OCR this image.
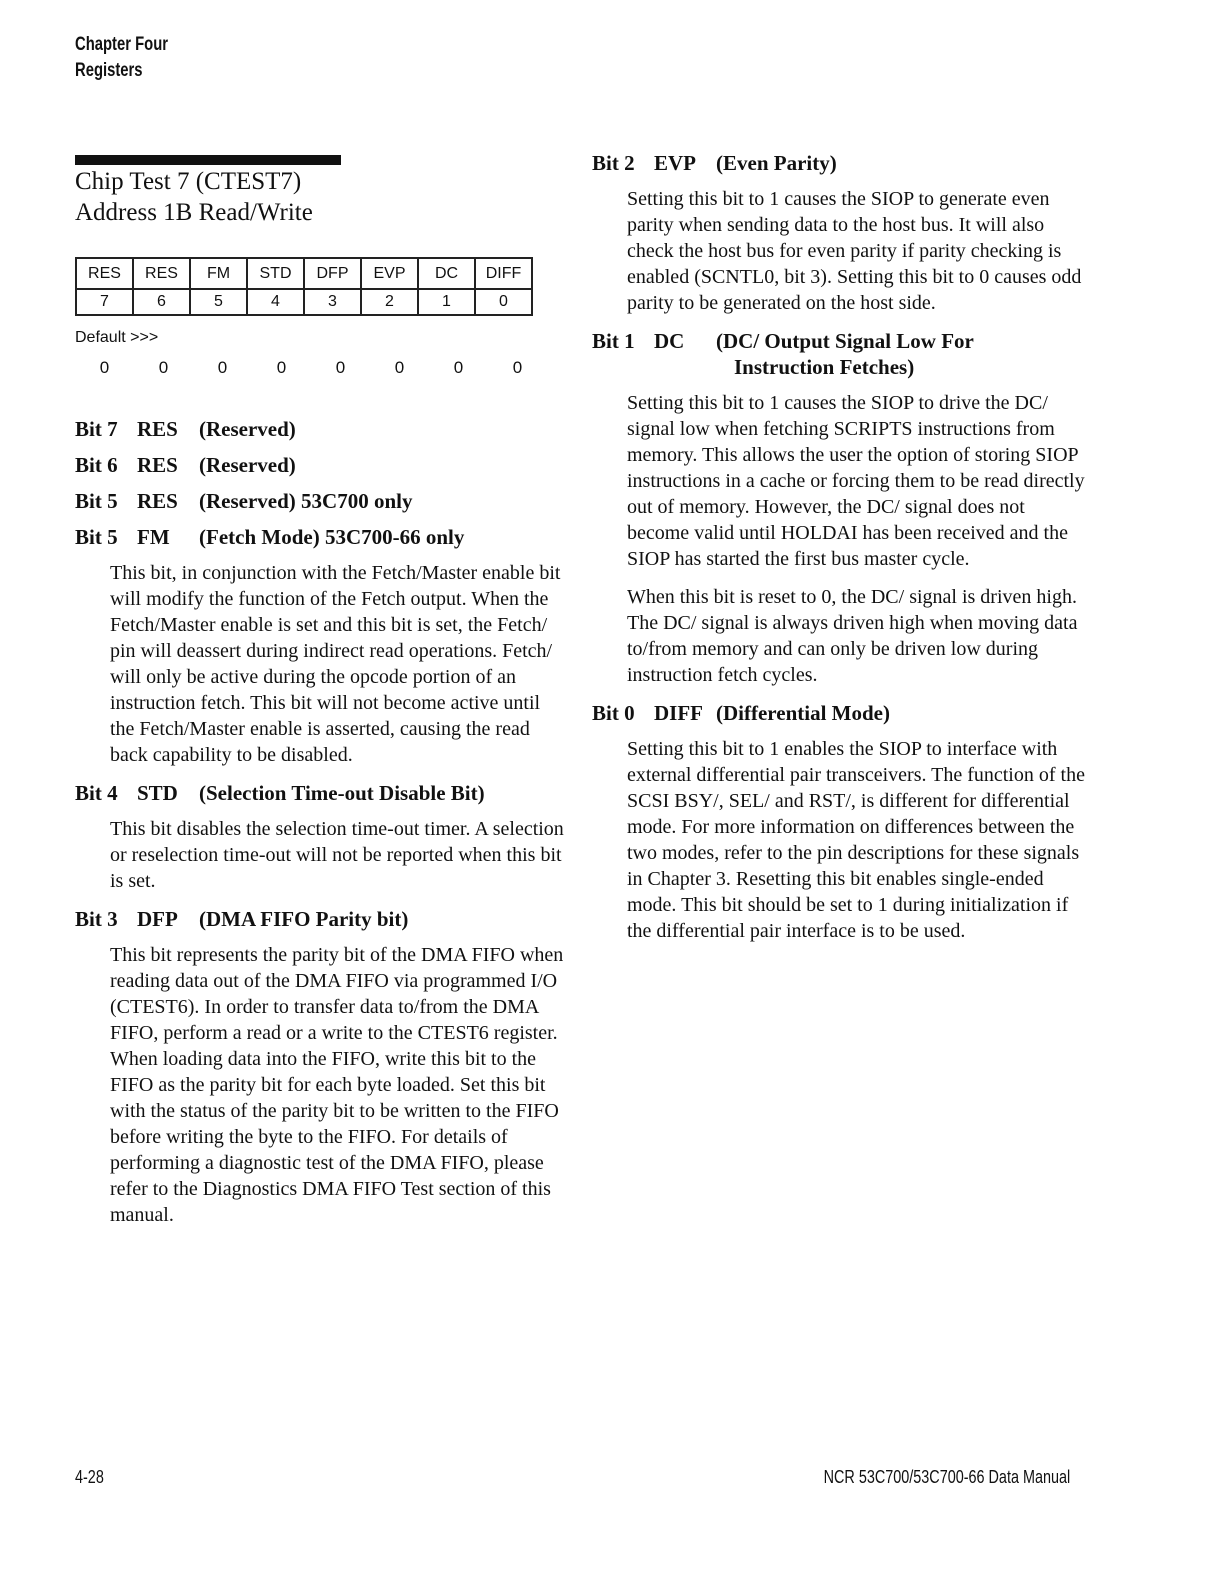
Chapter Four
Registers
Chip Test 7 (CTEST7)
Address 1B Read/Write
RES	RES	FM	STD	DFP	EVP	DC	DIFF
7	6	5	4	3	2	1	0
Default >>>
0	0	0	0	0	0	0	0
Bit 7 RES (Reserved)
Bit 6 RES (Reserved)
Bit 5 RES (Reserved) 53C700 only
Bit 5 FM (Fetch Mode) 53C700-66 only

This bit, in conjunction with the Fetch/Master enable bit will modify the function of the Fetch output. When the Fetch/Master enable is set and this bit is set, the Fetch/ pin will deassert during indirect read operations. Fetch/ will only be active during the opcode portion of an instruction fetch. This bit will not become active until the Fetch/Master enable is asserted, causing the read back capability to be disabled.

Bit 4 STD (Selection Time-out Disable Bit)

This bit disables the selection time-out timer. A selection or reselection time-out will not be reported when this bit is set.

Bit 3 DFP (DMA FIFO Parity bit)

This bit represents the parity bit of the DMA FIFO when reading data out of the DMA FIFO via programmed I/O (CTEST6). In order to transfer data to/from the DMA FIFO, perform a read or a write to the CTEST6 register. When loading data into the FIFO, write this bit to the FIFO as the parity bit for each byte loaded. Set this bit with the status of the parity bit to be written to the FIFO before writing the byte to the FIFO. For details of performing a diagnostic test of the DMA FIFO, please refer to the Diagnostics DMA FIFO Test section of this manual.

Bit 2 EVP (Even Parity)

Setting this bit to 1 causes the SIOP to generate even parity when sending data to the host bus. It will also check the host bus for even parity if parity checking is enabled (SCNTL0, bit 3). Setting this bit to 0 causes odd parity to be generated on the host side.

Bit 1 DC (DC/ Output Signal Low For
Instruction Fetches)

Setting this bit to 1 causes the SIOP to drive the DC/ signal low when fetching SCRIPTS instructions from memory. This allows the user the option of storing SIOP instructions in a cache or forcing them to be read directly out of memory. However, the DC/ signal does not become valid until HOLDAI has been received and the SIOP has started the first bus master cycle.

When this bit is reset to 0, the DC/ signal is driven high. The DC/ signal is always driven high when moving data to/from memory and can only be driven low during instruction fetch cycles.

Bit 0 DIFF (Differential Mode)

Setting this bit to 1 enables the SIOP to interface with external differential pair transceivers. The function of the SCSI BSY/, SEL/ and RST/, is different for differential mode. For more information on differences between the two modes, refer to the pin descriptions for these signals in Chapter 3. Resetting this bit enables single-ended mode. This bit should be set to 1 during initialization if the differential pair interface is to be used.

4-28	NCR 53C700/53C700-66 Data Manual
